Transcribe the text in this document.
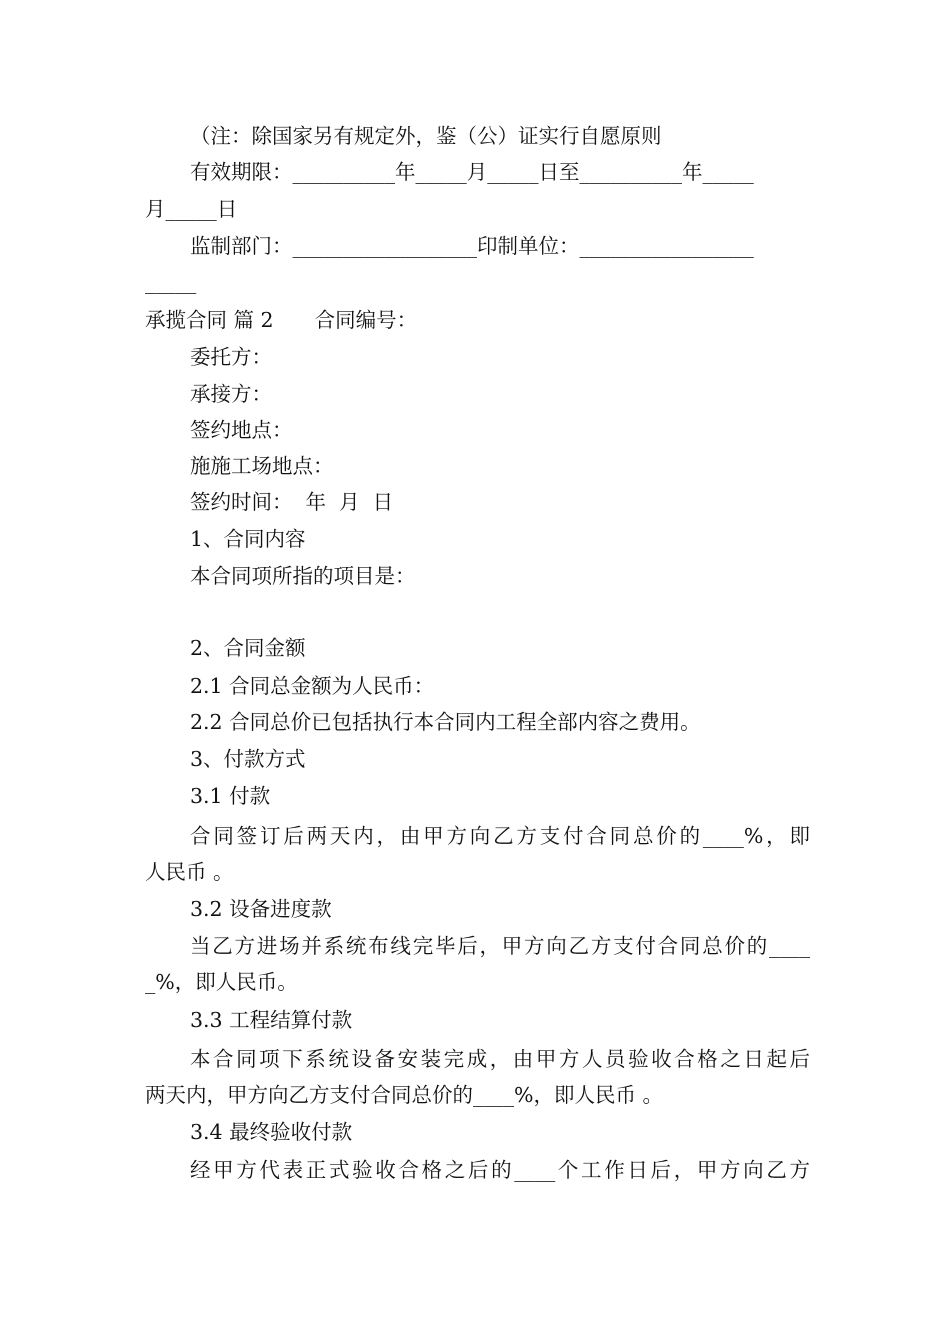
（注：除国家另有规定外，鉴（公）证实行自愿原则
有效期限：__________年_____月_____日至__________年_____
月_____日
监制部门：__________________印制单位：_________________
_____
承揽合同 篇 2　　合同编号：
委托方：
承接方：
签约地点：
施施工场地点：
签约时间：  年  月  日
1、合同内容
本合同项所指的项目是：
2、合同金额
2.1 合同总金额为人民币：
2.2 合同总价已包括执行本合同内工程全部内容之费用。
3、付款方式
3.1 付款
合同签订后两天内，由甲方向乙方支付合同总价的____%，即
人民币 。
3.2 设备进度款
当乙方进场并系统布线完毕后，甲方向乙方支付合同总价的____
_%，即人民币。
3.3 工程结算付款
本合同项下系统设备安装完成，由甲方人员验收合格之日起后
两天内，甲方向乙方支付合同总价的____%，即人民币 。
3.4 最终验收付款
经甲方代表正式验收合格之后的____个工作日后，甲方向乙方
